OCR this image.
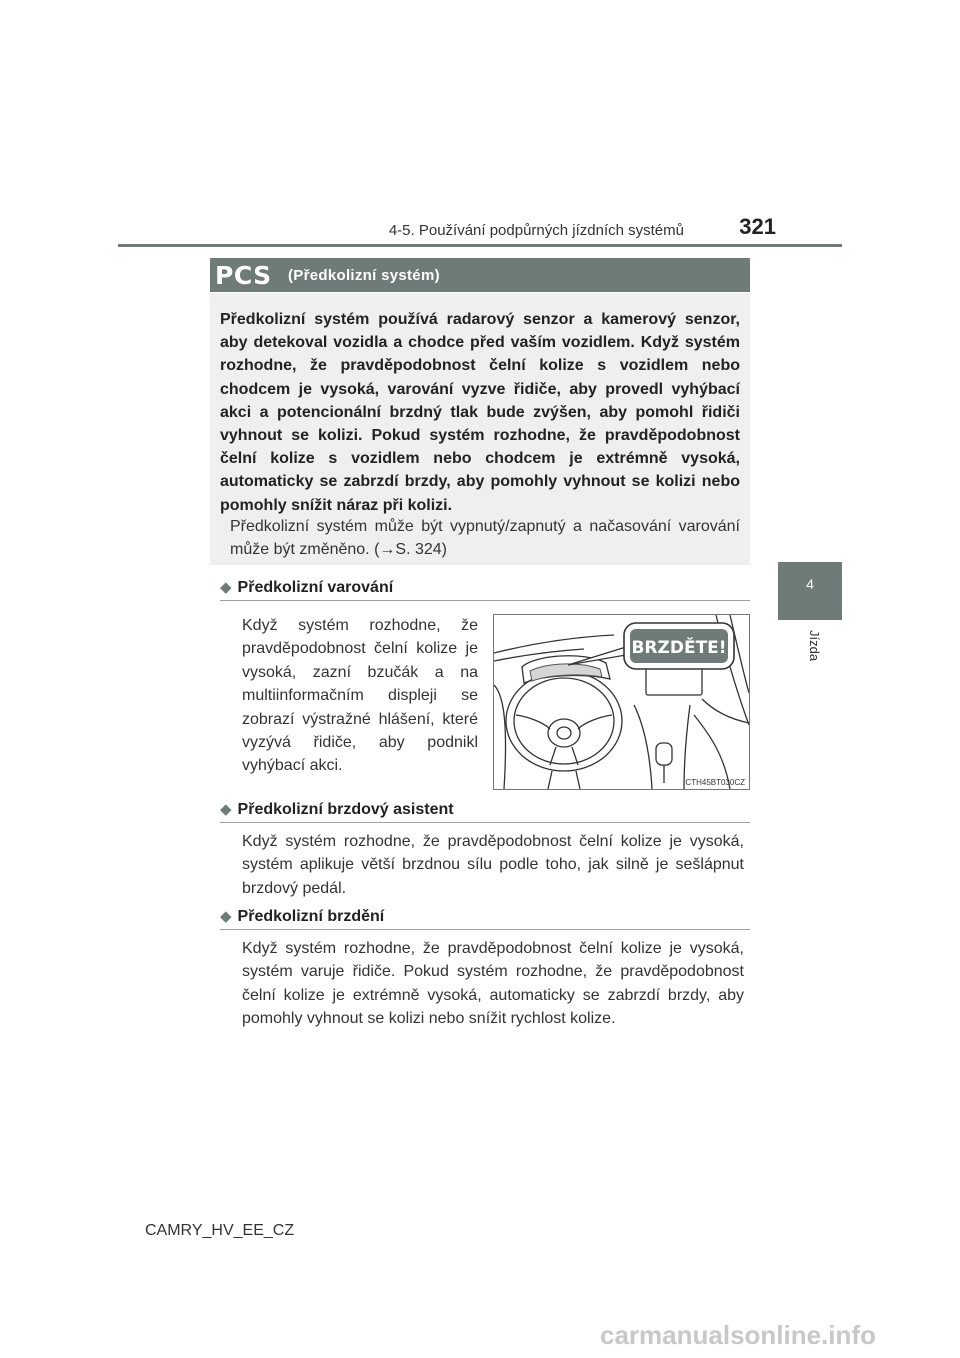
4-5. Používání podpůrných jízdních systémů	321
4
Jízda
PCS (Předkolizní systém)
Předkolizní systém používá radarový senzor a kamerový senzor, aby detekoval vozidla a chodce před vaším vozidlem. Když systém rozhodne, že pravděpodobnost čelní kolize s vozidlem nebo chodcem je vysoká, varování vyzve řidiče, aby provedl vyhýbací akci a potencionální brzdný tlak bude zvýšen, aby pomohl řidiči vyhnout se kolizi. Pokud systém rozhodne, že pravděpodobnost čelní kolize s vozidlem nebo chodcem je extrémně vysoká, automaticky se zabrzdí brzdy, aby pomohly vyhnout se kolizi nebo pomohly snížit náraz při kolizi.
Předkolizní systém může být vypnutý/zapnutý a načasování varování může být změněno. (→S. 324)
◆ Předkolizní varování
Když systém rozhodne, že pravděpodobnost čelní kolize je vysoká, zazní bzučák a na multiinformačním displeji se zobrazí výstražné hlášení, které vyzývá řidiče, aby podnikl vyhýbací akci.
BRZDĚTE!
CTH45BT030CZ
◆ Předkolizní brzdový asistent
Když systém rozhodne, že pravděpodobnost čelní kolize je vysoká, systém aplikuje větší brzdnou sílu podle toho, jak silně je sešlápnut brzdový pedál.
◆ Předkolizní brzdění
Když systém rozhodne, že pravděpodobnost čelní kolize je vysoká, systém varuje řidiče. Pokud systém rozhodne, že pravděpodobnost čelní kolize je extrémně vysoká, automaticky se zabrzdí brzdy, aby pomohly vyhnout se kolizi nebo snížit rychlost kolize.
CAMRY_HV_EE_CZ
carmanualsonline.info
